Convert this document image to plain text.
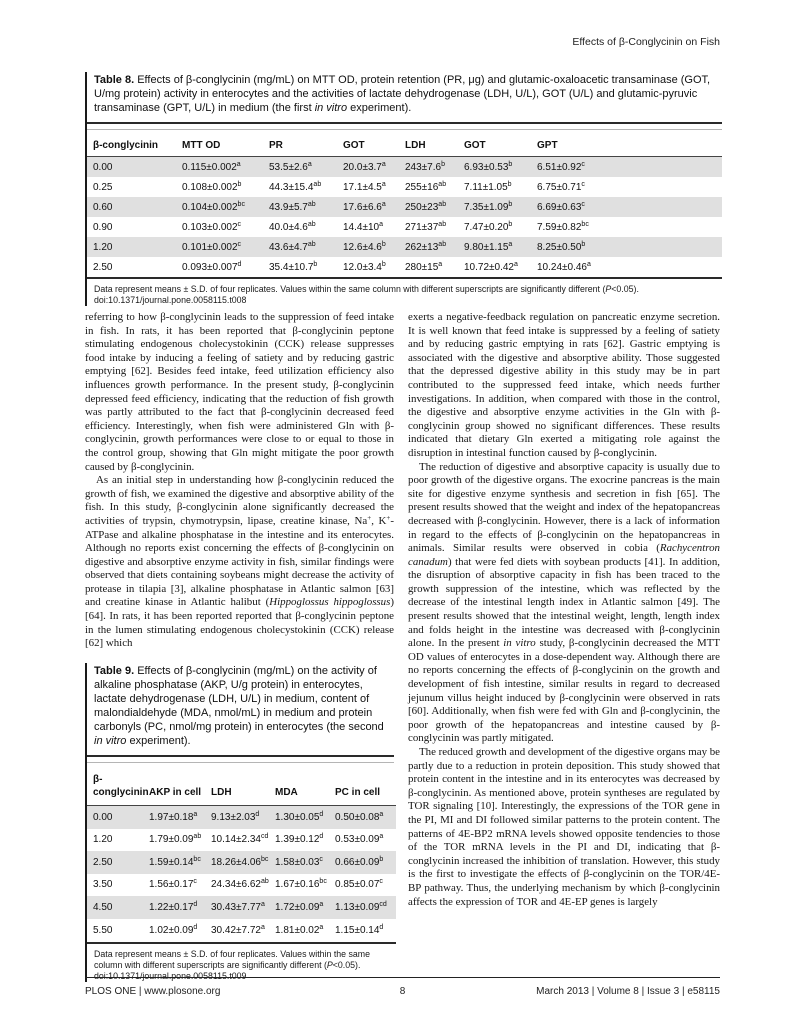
Effects of β-Conglycinin on Fish

Table 8. Effects of β-conglycinin (mg/mL) on MTT OD, protein retention (PR, μg) and glutamic-oxaloacetic transaminase (GOT, U/mg protein) activity in enterocytes and the activities of lactate dehydrogenase (LDH, U/L), GOT (U/L) and glutamic-pyruvic transaminase (GPT, U/L) in medium (the first in vitro experiment).

β-conglycinin	MTT OD	PR	GOT	LDH	GOT	GPT
0.00	0.115±0.002$^a$	53.5±2.6$^a$	20.0±3.7$^a$	243±7.6$^b$	6.93±0.53$^b$	6.51±0.92$^c$
0.25	0.108±0.002$^b$	44.3±15.4$^{ab}$	17.1±4.5$^a$	$255\pm 16^{ab}$	7.11±1.05$^b$	6.75±0.71$^c$
0.60	0.104±0.002$^{bc}$	43.9±5.7$^{ab}$	17.6±6.6$^a$	$250\pm 23^{ab}$	7.35±1.09$^b$	6.69±0.63$^c$
0.90	0.103±0.002$^c$	40.0±4.6$^{ab}$	$14.4\pm 10^a$	$271\pm 37^{ab}$	7.47±0.20$^b$	7.59±0.82$^{bc}$
1.20	0.101±0.002$^c$	43.6±4.7$^{ab}$	12.6±4.6$^b$	$262\pm 13^{ab}$	9.80±1.15$^a$	8.25±0.50$^b$
2.50	0.093±0.007$^d$	35.4±10.7$^b$	12.0±3.4$^b$	$280\pm 15^a$	10.72±0.42$^a$	10.24±0.46$^a$

Data represent means ± S.D. of four replicates. Values within the same column with different superscripts are significantly different (P<0.05).

doi:10.1371/journal.pone.0058115.t008

referring to how β-conglycinin leads to the suppression of feed intake in fish. In rats, it has been reported that β-conglycinin peptone stimulating endogenous cholecystokinin (CCK) release suppresses food intake by inducing a feeling of satiety and by reducing gastric emptying [62]. Besides feed intake, feed utilization efficiency also influences growth performance. In the present study, β-conglycinin depressed feed efficiency, indicating that the reduction of fish growth was partly attributed to the fact that β-conglycinin decreased feed efficiency. Interestingly, when fish were administered Gln with β-conglycinin, growth performances were close to or equal to those in the control group, showing that Gln might mitigate the poor growth caused by β-conglycinin.

As an initial step in understanding how β-conglycinin reduced the growth of fish, we examined the digestive and absorptive ability of the fish. In this study, β-conglycinin alone significantly decreased the activities of trypsin, chymotrypsin, lipase, creatine kinase, Na+, K+-ATPase and alkaline phosphatase in the intestine and its enterocytes. Although no reports exist concerning the effects of β-conglycinin on digestive and absorptive enzyme activity in fish, similar findings were observed that diets containing soybeans might decrease the activity of protease in tilapia [3], alkaline phosphatase in Atlantic salmon [63] and creatine kinase in Atlantic halibut (Hippoglossus hippoglossus) [64]. In rats, it has been reported reported that β-conglycinin peptone in the lumen stimulating endogenous cholecystokinin (CCK) release [62] which

Table 9. Effects of β-conglycinin (mg/mL) on the activity of alkaline phosphatase (AKP, U/g protein) in enterocytes, lactate dehydrogenase (LDH, U/L) in medium, content of malondialdehyde (MDA, nmol/mL) in medium and protein carbonyls (PC, nmol/mg protein) in enterocytes (the second in vitro experiment).

β-conglycinin	AKP in cell	LDH	MDA	PC in cell
0.00	1.97±0.18$^a$	9.13±2.03$^d$	1.30±0.05$^d$	0.50±0.08$^a$
1.20	1.79±0.09$^{ab}$	10.14±2.34$^{cd}$	1.39±0.12$^d$	0.53±0.09$^a$
2.50	1.59±0.14$^{bc}$	18.26±4.06$^{bc}$	1.58±0.03$^c$	0.66±0.09$^b$
3.50	1.56±0.17$^c$	24.34±6.62$^{ab}$	1.67±0.16$^{bc}$	0.85±0.07$^c$
4.50	1.22±0.17$^d$	30.43±7.77$^a$	1.72±0.09$^a$	1.13±0.09$^{cd}$
5.50	1.02±0.09$^d$	30.42±7.72$^a$	1.81±0.02$^a$	1.15±0.14$^d$

Data represent means ± S.D. of four replicates. Values within the same column with different superscripts are significantly different (P<0.05).

doi:10.1371/journal.pone.0058115.t009

exerts a negative-feedback regulation on pancreatic enzyme secretion. It is well known that feed intake is suppressed by a feeling of satiety and by reducing gastric emptying in rats [62]. Gastric emptying is associated with the digestive and absorptive ability. Those suggested that the depressed digestive ability in this study may be in part contributed to the suppressed feed intake, which needs further investigations. In addition, when compared with those in the control, the digestive and absorptive enzyme activities in the Gln with β-conglycinin group showed no significant differences. These results indicated that dietary Gln exerted a mitigating role against the disruption in intestinal function caused by β-conglycinin.

The reduction of digestive and absorptive capacity is usually due to poor growth of the digestive organs. The exocrine pancreas is the main site for digestive enzyme synthesis and secretion in fish [65]. The present results showed that the weight and index of the hepatopancreas decreased with β-conglycinin. However, there is a lack of information in regard to the effects of β-conglycinin on the hepatopancreas in animals. Similar results were observed in cobia (Rachycentron canadum) that were fed diets with soybean products [41]. In addition, the disruption of absorptive capacity in fish has been traced to the growth suppression of the intestine, which was reflected by the decrease of the intestinal length index in Atlantic salmon [49]. The present results showed that the intestinal weight, length, length index and folds height in the intestine was decreased with β-conglycinin alone. In the present in vitro study, β-conglycinin decreased the MTT OD values of enterocytes in a dose-dependent way. Although there are no reports concerning the effects of β-conglycinin on the growth and development of fish intestine, similar results in regard to decreased jejunum villus height induced by β-conglycinin were observed in rats [60]. Additionally, when fish were fed with Gln and β-conglycinin, the poor growth of the hepatopancreas and intestine caused by β-conglycinin was partly mitigated.

The reduced growth and development of the digestive organs may be partly due to a reduction in protein deposition. This study showed that protein content in the intestine and in its enterocytes was decreased by β-conglycinin. As mentioned above, protein syntheses are regulated by TOR signaling [10]. Interestingly, the expressions of the TOR gene in the PI, MI and DI followed similar patterns to the protein content. The patterns of 4E-BP2 mRNA levels showed opposite tendencies to those of the TOR mRNA levels in the PI and DI, indicating that β-conglycinin increased the inhibition of translation. However, this study is the first to investigate the effects of β-conglycinin on the TOR/4E-BP pathway. Thus, the underlying mechanism by which β-conglycinin affects the expression of TOR and 4E-EP genes is largely

PLOS ONE | www.plosone.org	8	March 2013 | Volume 8 | Issue 3 | e58115
